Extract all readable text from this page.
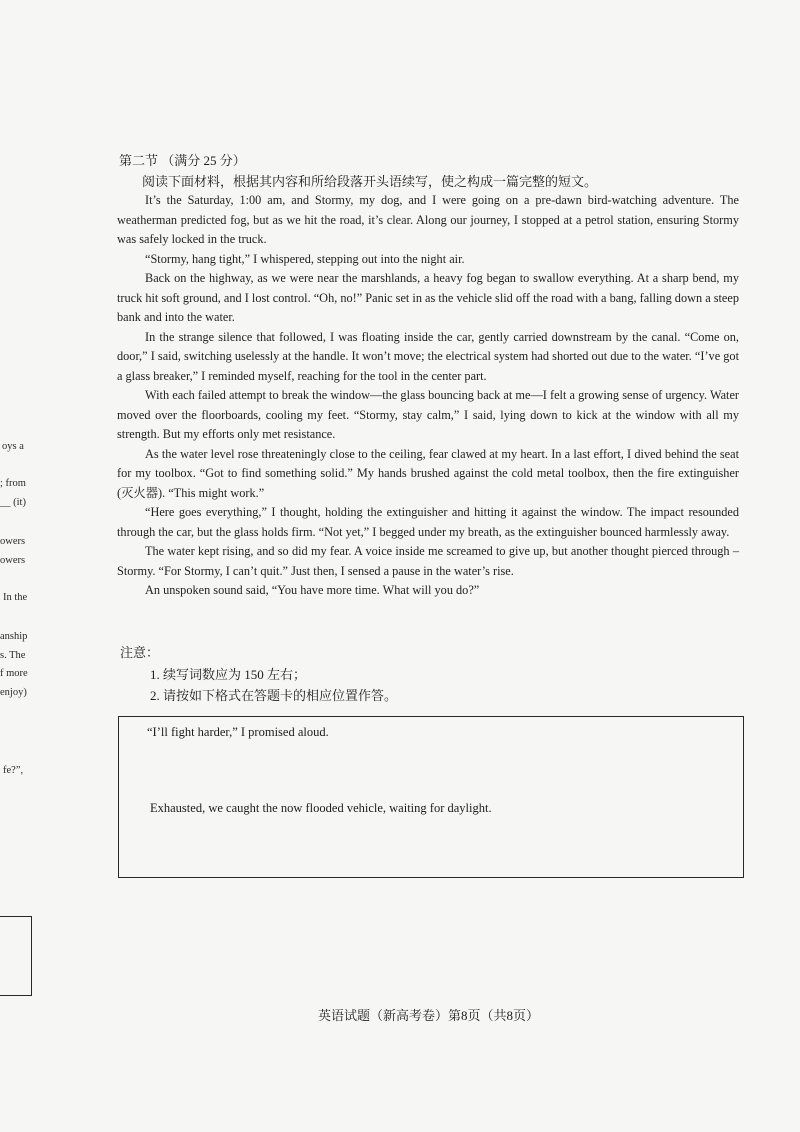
第二节 （满分 25 分）
阅读下面材料，根据其内容和所给段落开头语续写，使之构成一篇完整的短文。

It’s the Saturday, 1:00 am, and Stormy, my dog, and I were going on a pre-dawn bird-watching adventure. The weatherman predicted fog, but as we hit the road, it’s clear. Along our journey, I stopped at a petrol station, ensuring Stormy was safely locked in the truck.

“Stormy, hang tight,” I whispered, stepping out into the night air.

Back on the highway, as we were near the marshlands, a heavy fog began to swallow everything. At a sharp bend, my truck hit soft ground, and I lost control. “Oh, no!” Panic set in as the vehicle slid off the road with a bang, falling down a steep bank and into the water.

In the strange silence that followed, I was floating inside the car, gently carried downstream by the canal. “Come on, door,” I said, switching uselessly at the handle. It won’t move; the electrical system had shorted out due to the water. “I’ve got a glass breaker,” I reminded myself, reaching for the tool in the center part.

With each failed attempt to break the window—the glass bouncing back at me—I felt a growing sense of urgency. Water moved over the floorboards, cooling my feet. “Stormy, stay calm,” I said, lying down to kick at the window with all my strength. But my efforts only met resistance.

As the water level rose threateningly close to the ceiling, fear clawed at my heart. In a last effort, I dived behind the seat for my toolbox. “Got to find something solid.” My hands brushed against the cold metal toolbox, then the fire extinguisher (灭火器). “This might work.”

“Here goes everything,” I thought, holding the extinguisher and hitting it against the window. The impact resounded through the car, but the glass holds firm. “Not yet,” I begged under my breath, as the extinguisher bounced harmlessly away.

The water kept rising, and so did my fear. A voice inside me screamed to give up, but another thought pierced through – Stormy. “For Stormy, I can’t quit.” Just then, I sensed a pause in the water’s rise.

An unspoken sound said, “You have more time. What will you do?”

注意：
1. 续写词数应为 150 左右；
2. 请按如下格式在答题卡的相应位置作答。
“I’ll fight harder,” I promised aloud.
Exhausted, we caught the now flooded vehicle, waiting for daylight.
oys a
; from
__ (it)
owers
owers
In the
anship
s. The
f more
enjoy)
fe?”,
英语试题（新高考卷）第8页（共8页）
